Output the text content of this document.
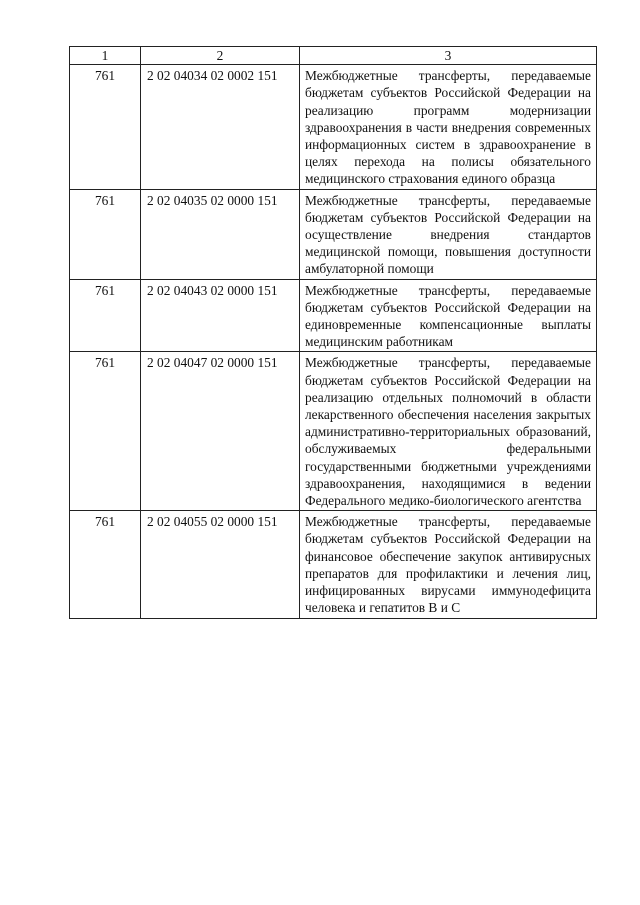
1	2	3
761	2 02 04034 02 0002 151	Межбюджетные трансферты, передаваемые бюджетам субъектов Российской Федерации на реализацию программ модернизации здравоохранения в части внедрения современных информационных систем в здравоохранение в целях перехода на полисы обязательного медицинского страхования единого образца
761	2 02 04035 02 0000 151	Межбюджетные трансферты, передаваемые бюджетам субъектов Российской Федерации на осуществление внедрения стандартов медицинской помощи, повышения доступности амбулаторной помощи
761	2 02 04043 02 0000 151	Межбюджетные трансферты, передаваемые бюджетам субъектов Российской Федерации на единовременные компенсационные выплаты медицинским работникам
761	2 02 04047 02 0000 151	Межбюджетные трансферты, передаваемые бюджетам субъектов Российской Федерации на реализацию отдельных полномочий в области лекарственного обеспечения населения закрытых административно-территориальных образований, обслуживаемых федеральными государственными бюджетными учреждениями здравоохранения, находящимися в ведении Федерального медико-биологического агентства
761	2 02 04055 02 0000 151	Межбюджетные трансферты, передаваемые бюджетам субъектов Российской Федерации на финансовое обеспечение закупок антивирусных препаратов для профилактики и лечения лиц, инфицированных вирусами иммунодефицита человека и гепатитов В и С
